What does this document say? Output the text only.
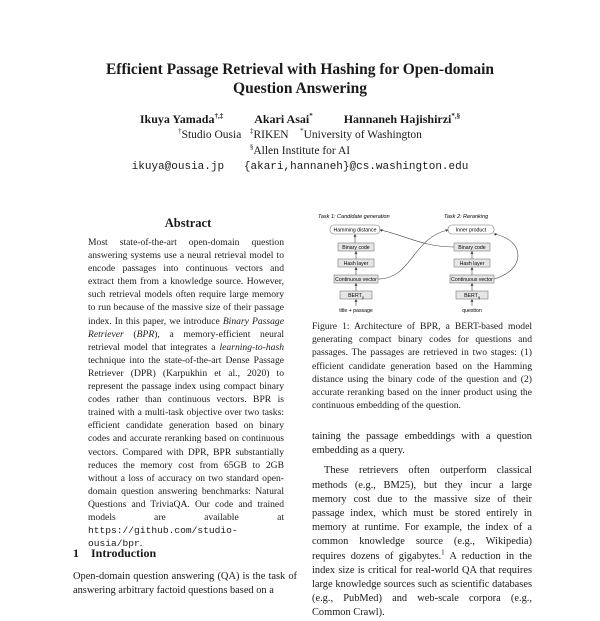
Efficient Passage Retrieval with Hashing for Open-domain
Question Answering
Ikuya Yamada†,‡	Akari Asai*	Hannaneh Hajishirzi*,§
†Studio Ousia ‡RIKEN *University of Washington
§Allen Institute for AI
ikuya@ousia.jp {akari,hannaneh}@cs.washington.edu
Abstract
Most state-of-the-art open-domain question answering systems use a neural retrieval model to encode passages into continuous vectors and extract them from a knowledge source. However, such retrieval models often require large memory to run because of the massive size of their passage index. In this paper, we introduce Binary Passage Retriever (BPR), a memory-efficient neural retrieval model that integrates a learning-to-hash technique into the state-of-the-art Dense Passage Retriever (DPR) (Karpukhin et al., 2020) to represent the passage index using compact binary codes rather than continuous vectors. BPR is trained with a multi-task objective over two tasks: efficient candidate generation based on binary codes and accurate reranking based on continuous vectors. Compared with DPR, BPR substantially reduces the memory cost from 65GB to 2GB without a loss of accuracy on two standard open-domain question answering benchmarks: Natural Questions and TriviaQA. Our code and trained models are available at https://github.com/studio-ousia/bpr.
1 Introduction
Open-domain question answering (QA) is the task of answering arbitrary factoid questions based on a
Task 1: Candidate generation
Hamming distance
Binary code
Hash layer
Continuous vector
$BERT_p$
title + passage
Task 2: Reranking
Inner product
Binary code
Hash layer
Continuous vector
$BERT_q$
question
Figure 1: Architecture of BPR, a BERT-based model generating compact binary codes for questions and passages. The passages are retrieved in two stages: (1) efficient candidate generation based on the Hamming distance using the binary code of the question and (2) accurate reranking based on the inner product using the continuous embedding of the question.

taining the passage embeddings with a question embedding as a query.

These retrievers often outperform classical methods (e.g., BM25), but they incur a large memory cost due to the massive size of their passage index, which must be stored entirely in memory at runtime. For example, the index of a common knowledge source (e.g., Wikipedia) requires dozens of gigabytes.$^1$ A reduction in the index size is critical for real-world QA that requires large knowledge sources such as scientific databases (e.g., PubMed) and web-scale corpora (e.g., Common Crawl).
